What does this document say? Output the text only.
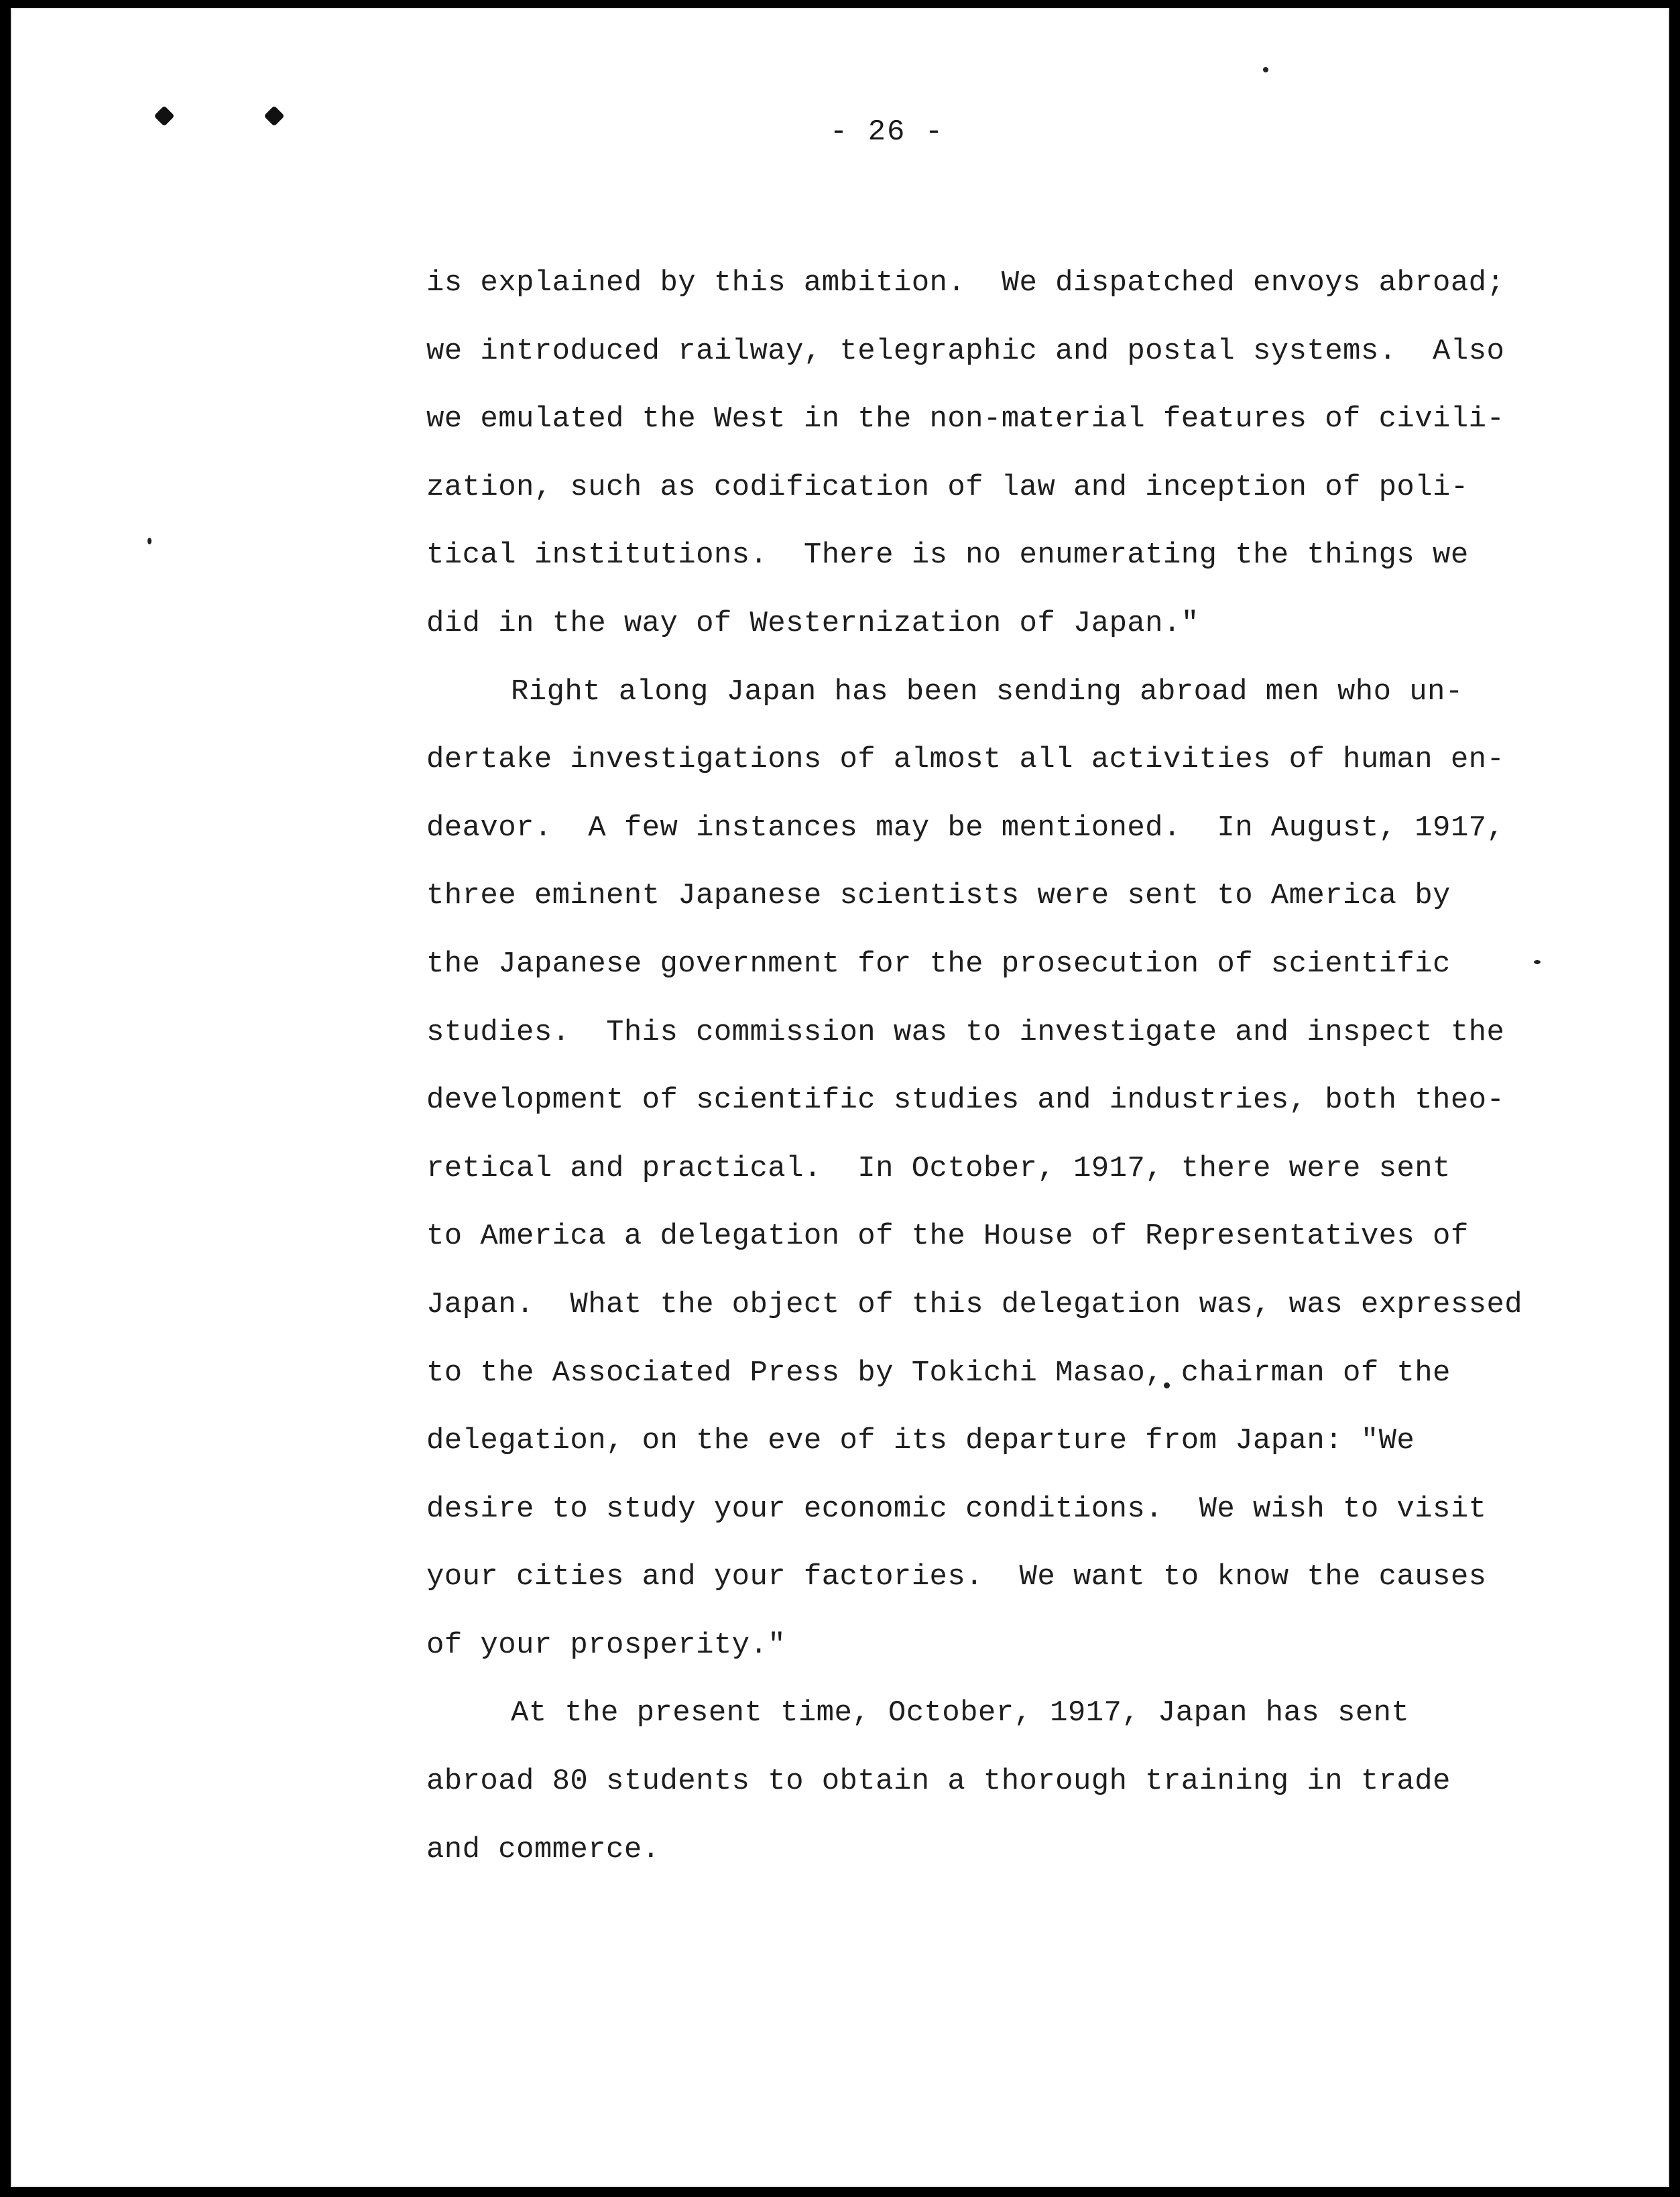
- 26 -
is explained by this ambition.  We dispatched envoys abroad;
we introduced railway, telegraphic and postal systems.  Also
we emulated the West in the non-material features of civili-
zation, such as codification of law and inception of poli-
tical institutions.  There is no enumerating the things we
did in the way of Westernization of Japan."
Right along Japan has been sending abroad men who un-
dertake investigations of almost all activities of human en-
deavor.  A few instances may be mentioned.  In August, 1917,
three eminent Japanese scientists were sent to America by
the Japanese government for the prosecution of scientific
studies.  This commission was to investigate and inspect the
development of scientific studies and industries, both theo-
retical and practical.  In October, 1917, there were sent
to America a delegation of the House of Representatives of
Japan.  What the object of this delegation was, was expressed
to the Associated Press by Tokichi Masao, chairman of the
delegation, on the eve of its departure from Japan: "We
desire to study your economic conditions.  We wish to visit
your cities and your factories.  We want to know the causes
of your prosperity."
At the present time, October, 1917, Japan has sent
abroad 80 students to obtain a thorough training in trade
and commerce.
